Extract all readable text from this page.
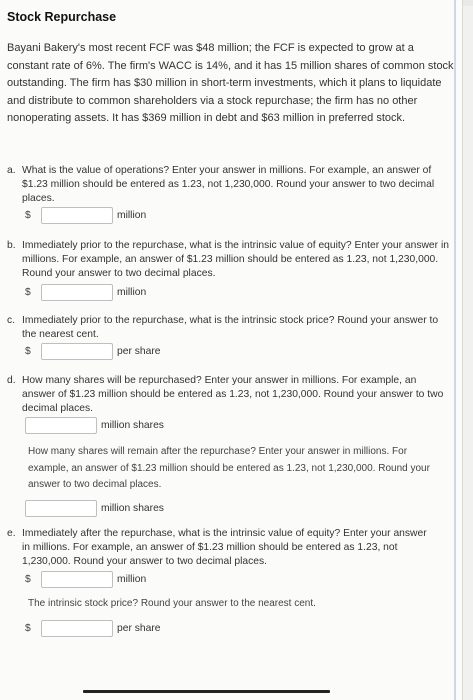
Stock Repurchase
Bayani Bakery's most recent FCF was $48 million; the FCF is expected to grow at a constant rate of 6%. The firm's WACC is 14%, and it has 15 million shares of common stock outstanding. The firm has $30 million in short-term investments, which it plans to liquidate and distribute to common shareholders via a stock repurchase; the firm has no other nonoperating assets. It has $369 million in debt and $63 million in preferred stock.
a. What is the value of operations? Enter your answer in millions. For example, an answer of $1.23 million should be entered as 1.23, not 1,230,000. Round your answer to two decimal places.
$	million
b. Immediately prior to the repurchase, what is the intrinsic value of equity? Enter your answer in millions. For example, an answer of $1.23 million should be entered as 1.23, not 1,230,000. Round your answer to two decimal places.
$	million
c. Immediately prior to the repurchase, what is the intrinsic stock price? Round your answer to the nearest cent.
$	per share
d. How many shares will be repurchased? Enter your answer in millions. For example, an answer of $1.23 million should be entered as 1.23, not 1,230,000. Round your answer to two decimal places.
million shares
How many shares will remain after the repurchase? Enter your answer in millions. For example, an answer of $1.23 million should be entered as 1.23, not 1,230,000. Round your answer to two decimal places.
million shares
e. Immediately after the repurchase, what is the intrinsic value of equity? Enter your answer in millions. For example, an answer of $1.23 million should be entered as 1.23, not 1,230,000. Round your answer to two decimal places.
$	million
The intrinsic stock price? Round your answer to the nearest cent.
$	per share
